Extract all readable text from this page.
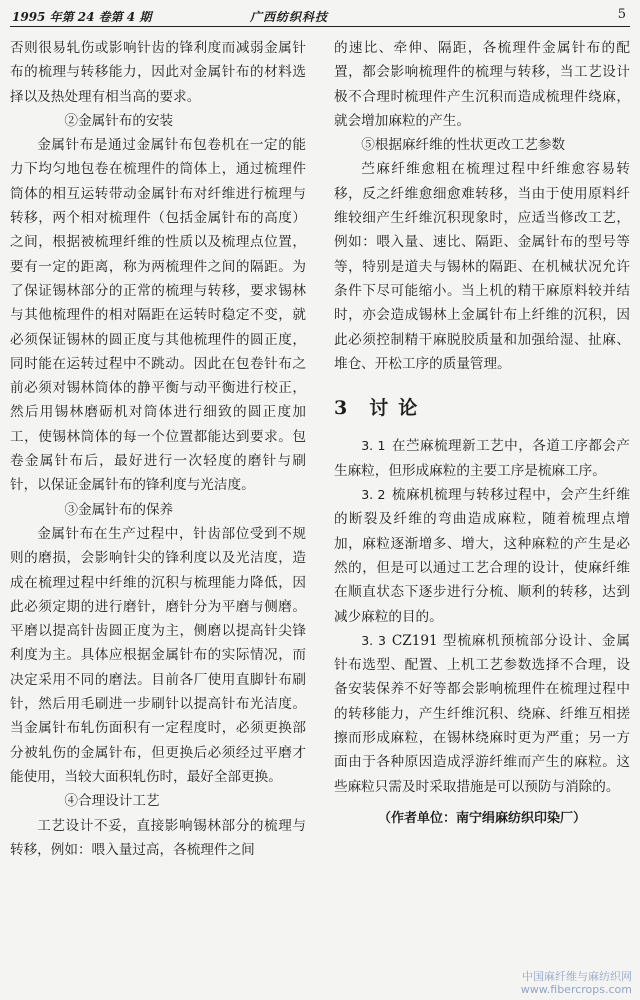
1995 年第 24 卷第 4 期	广西纺织科技	5

否则很易轧伤或影响针齿的锋利度而减弱金属针布的梳理与转移能力，因此对金属针布的材料选择以及热处理有相当高的要求。

②金属针布的安装

金属针布是通过金属针布包卷机在一定的能力下均匀地包卷在梳理件的筒体上，通过梳理件筒体的相互运转带动金属针布对纤维进行梳理与转移，两个相对梳理件（包括金属针布的高度）之间，根据被梳理纤维的性质以及梳理点位置，要有一定的距离，称为两梳理件之间的隔距。为了保证锡林部分的正常的梳理与转移，要求锡林与其他梳理件的相对隔距在运转时稳定不变，就必须保证锡林的圆正度与其他梳理件的圆正度，同时能在运转过程中不跳动。因此在包卷针布之前必须对锡林筒体的静平衡与动平衡进行校正，然后用锡林磨砺机对筒体进行细致的圆正度加工，使锡林筒体的每一个位置都能达到要求。包卷金属针布后，最好进行一次轻度的磨针与刷针，以保证金属针布的锋利度与光洁度。

③金属针布的保养

金属针布在生产过程中，针齿部位受到不规则的磨损，会影响针尖的锋利度以及光洁度，造成在梳理过程中纤维的沉积与梳理能力降低，因此必须定期的进行磨针，磨针分为平磨与侧磨。平磨以提高针齿圆正度为主，侧磨以提高针尖锋利度为主。具体应根据金属针布的实际情况，而决定采用不同的磨法。目前各厂使用直脚针布刷针，然后用毛刷进一步刷针以提高针布光洁度。当金属针布轧伤面积有一定程度时，必须更换部分被轧伤的金属针布，但更换后必须经过平磨才能使用，当较大面积轧伤时，最好全部更换。

④合理设计工艺

工艺设计不妥，直接影响锡林部分的梳理与转移，例如：喂入量过高，各梳理件之间

的速比、牵伸、隔距，各梳理件金属针布的配置，都会影响梳理件的梳理与转移，当工艺设计极不合理时梳理件产生沉积而造成梳理件绕麻，就会增加麻粒的产生。

⑤根据麻纤维的性状更改工艺参数

苎麻纤维愈粗在梳理过程中纤维愈容易转移，反之纤维愈细愈难转移，当由于使用原料纤维较细产生纤维沉积现象时，应适当修改工艺，例如：喂入量、速比、隔距、金属针布的型号等等，特别是道夫与锡林的隔距、在机械状况允许条件下尽可能缩小。当上机的精干麻原料较并结时，亦会造成锡林上金属针布上纤维的沉积，因此必须控制精干麻脱胶质量和加强给湿、扯麻、堆仓、开松工序的质量管理。

3 讨论

3. 1 在苎麻梳理新工艺中，各道工序都会产生麻粒，但形成麻粒的主要工序是梳麻工序。

3. 2 梳麻机梳理与转移过程中，会产生纤维的断裂及纤维的弯曲造成麻粒，随着梳理点增加，麻粒逐渐增多、增大，这种麻粒的产生是必然的，但是可以通过工艺合理的设计，使麻纤维在顺直状态下逐步进行分梳、顺利的转移，达到减少麻粒的目的。

3. 3 CZ191 型梳麻机预梳部分设计、金属针布选型、配置、上机工艺参数选择不合理，设备安装保养不好等都会影响梳理件在梳理过程中的转移能力，产生纤维沉积、绕麻、纤维互相搓擦而形成麻粒，在锡林绕麻时更为严重；另一方面由于各种原因造成浮游纤维而产生的麻粒。这些麻粒只需及时采取措施是可以预防与消除的。

（作者单位：南宁绢麻纺织印染厂）

中国麻纤维与麻纺织网
www.fibercrops.com
